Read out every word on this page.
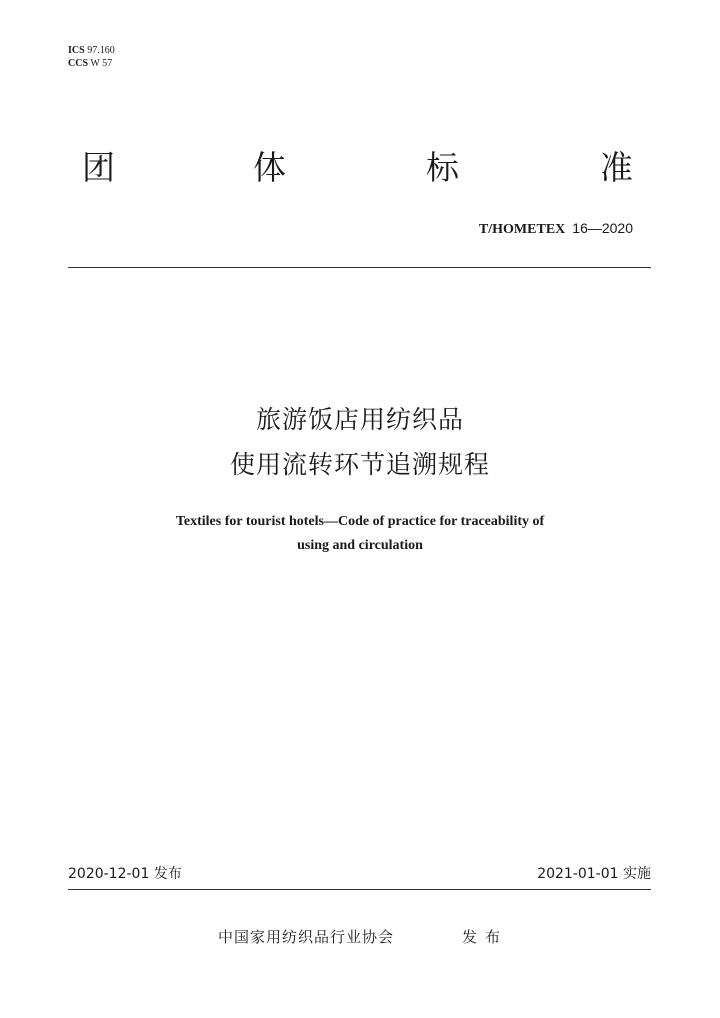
ICS 97.160
CCS W 57
团	体	标	准
T/HOMETEX 16—2020
旅游饭店用纺织品
使用流转环节追溯规程
Textiles for tourist hotels—Code of practice for traceability of
using and circulation
2020-12-01 发布	2021-01-01 实施
中国家用纺织品行业协会	发布
